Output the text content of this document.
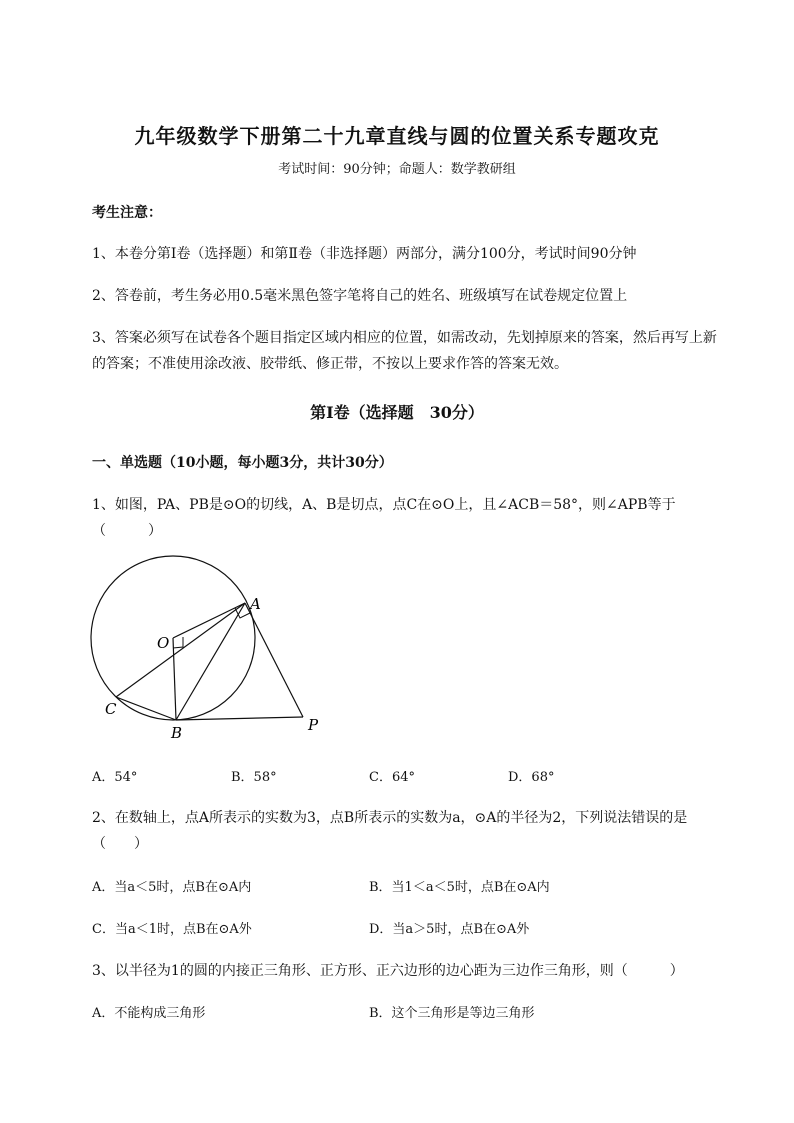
九年级数学下册第二十九章直线与圆的位置关系专题攻克
考试时间：90分钟；命题人：数学教研组
考生注意：
1、本卷分第I卷（选择题）和第Ⅱ卷（非选择题）两部分，满分100分，考试时间90分钟
2、答卷前，考生务必用0.5毫米黑色签字笔将自己的姓名、班级填写在试卷规定位置上
3、答案必须写在试卷各个题目指定区域内相应的位置，如需改动，先划掉原来的答案，然后再写上新
的答案；不准使用涂改液、胶带纸、修正带，不按以上要求作答的答案无效。
第I卷（选择题　30分）
一、单选题（10小题，每小题3分，共计30分）
1、如图，PA、PB是⊙O的切线，A、B是切点，点C在⊙O上，且∠ACB＝58°，则∠APB等于
（　　　）
O
A
B
C
P
A．54°	B．58°	C．64°	D．68°
2、在数轴上，点A所表示的实数为3，点B所表示的实数为a，⊙A的半径为2，下列说法错误的是
（　　）
A．当a＜5时，点B在⊙A内	B．当1＜a＜5时，点B在⊙A内
C．当a＜1时，点B在⊙A外	D．当a＞5时，点B在⊙A外
3、以半径为1的圆的内接正三角形、正方形、正六边形的边心距为三边作三角形，则（　　　）
A．不能构成三角形	B．这个三角形是等边三角形
